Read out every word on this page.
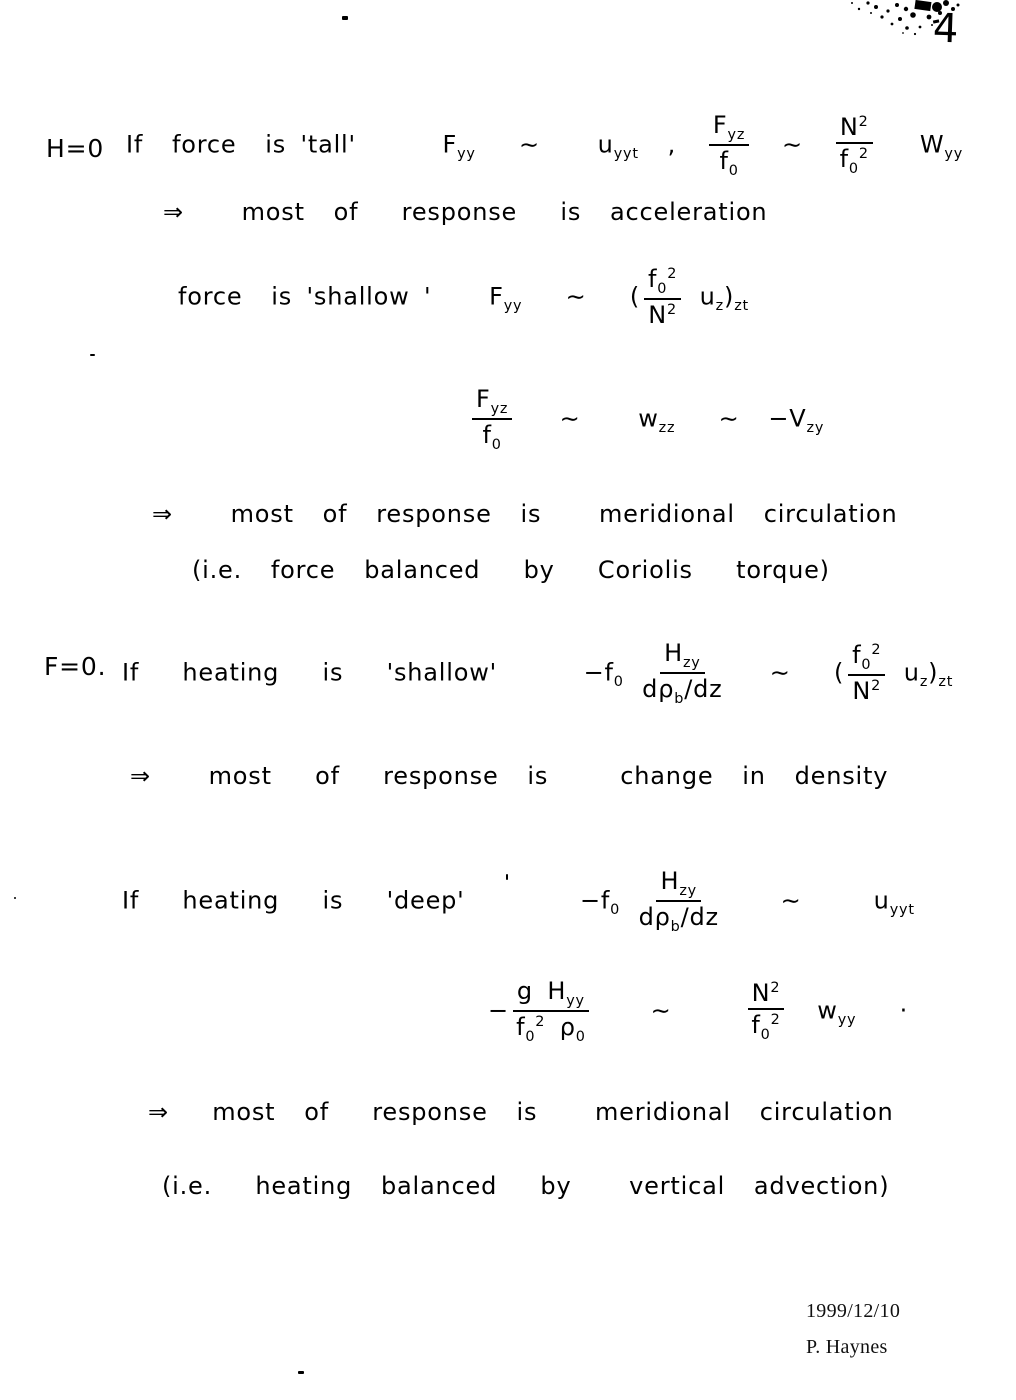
4
H=0 If  force  is 'tall'      $F_{yy}$   ∼    $u_{yyt}$  , $\frac{F_{yz}}{f_0}$ ∼ $\frac{N^2}{f_0^2} W_{yy}$
⇒    most  of   response   is  acceleration
force  is 'shallow '    $F_{yy}$   ∼   ( $\frac{f_0^2}{N^2} u_z)_{zt}$
$\frac{F_{yz}}{f_0}$ ∼    $w_{zz}$   ∼  $-V_{zy}$
⇒    most  of  response  is    meridional  circulation
(i.e.  force  balanced   by   Coriolis   torque)
F=0. If   heating   is   'shallow'      $-f_0 \frac{H_{zy}}{d\rho_b/dz}$ ∼   ( $\frac{f_0^2}{N^2} u_z)_{zt}$
⇒    most   of   response  is     change  in  density
If   heating   is   'deep'        $-f_0 \frac{H_{zy}}{d\rho_b/dz}$ ∼     $u_{yyt}$
− $\frac{g H_{yy}}{f_0^2 \rho_0}$ ∼ $\frac{N^2}{f_0^2} w_{yy}$   ·
⇒   most  of   response  is    meridional  circulation
(i.e.   heating  balanced   by    vertical  advection)
1999/12/10
P. Haynes
